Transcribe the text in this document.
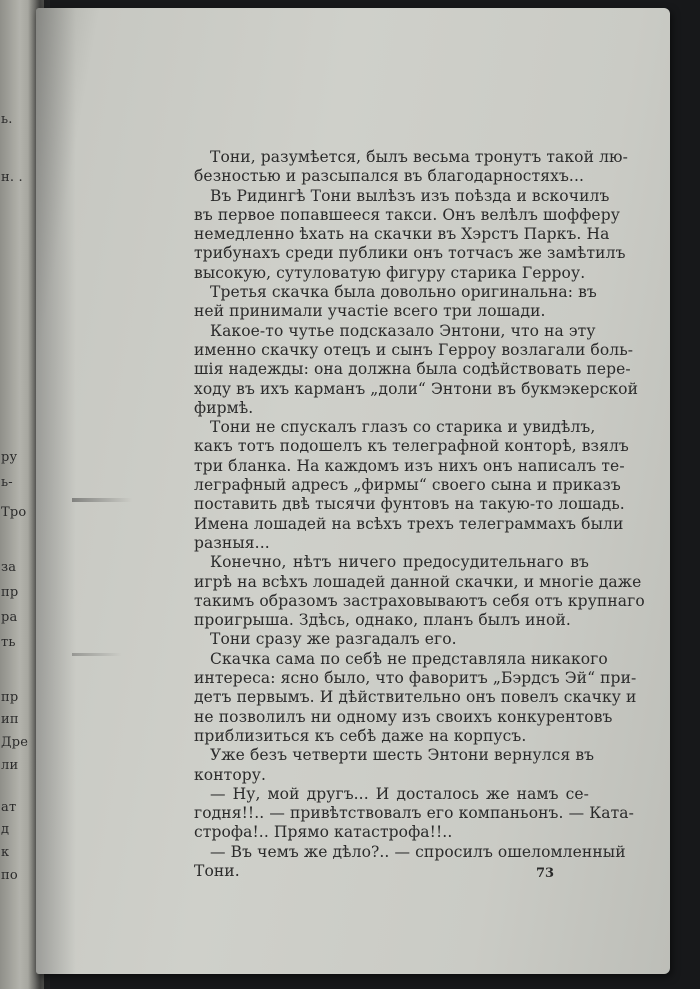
ь.
н. .
ру
ь-
Тро
за
пр
ра
ть
пр
ип
Дре
ли
ат
д
к
по
Тони, разумѣется, былъ весьма тронутъ такой лю-
безностью и разсыпался въ благодарностяхъ...
Въ Ридингѣ Тони вылѣзъ изъ поѣзда и вскочилъ
въ первое попавшееся такси. Онъ велѣлъ шофферу
немедленно ѣхать на скачки въ Хэрстъ Паркъ. На
трибунахъ среди публики онъ тотчасъ же замѣтилъ
высокую, сутуловатую фигуру старика Герроу.
Третья скачка была довольно оригинальна: въ
ней принимали участіе всего три лошади.
Какое-то чутье подсказало Энтони, что на эту
именно скачку отецъ и сынъ Герроу возлагали боль-
шія надежды: она должна была содѣйствовать пере-
ходу въ ихъ карманъ „доли“ Энтони въ букмэкерской
фирмѣ.
Тони не спускалъ глазъ со старика и увидѣлъ,
какъ тотъ подошелъ къ телеграфной конторѣ, взялъ
три бланка. На каждомъ изъ нихъ онъ написалъ те-
леграфный адресъ „фирмы“ своего сына и приказъ
поставить двѣ тысячи фунтовъ на такую-то лошадь.
Имена лошадей на всѣхъ трехъ телеграммахъ были
разныя...
Конечно, нѣтъ ничего предосудительнаго въ
игрѣ на всѣхъ лошадей данной скачки, и многіе даже
такимъ образомъ застраховываютъ себя отъ крупнаго
проигрыша. Здѣсь, однако, планъ былъ иной.
Тони сразу же разгадалъ его.
Скачка сама по себѣ не представляла никакого
интереса: ясно было, что фаворитъ „Бэрдсъ Эй“ при-
детъ первымъ. И дѣйствительно онъ повелъ скачку и
не позволилъ ни одному изъ своихъ конкурентовъ
приблизиться къ себѣ даже на корпусъ.
Уже безъ четверти шесть Энтони вернулся въ
контору.
— Ну, мой другъ... И досталось же намъ се-
годня!!.. — привѣтствовалъ его компаньонъ. — Ката-
строфа!.. Прямо катастрофа!!..
— Въ чемъ же дѣло?.. — спросилъ ошеломленный
Тони.	73
